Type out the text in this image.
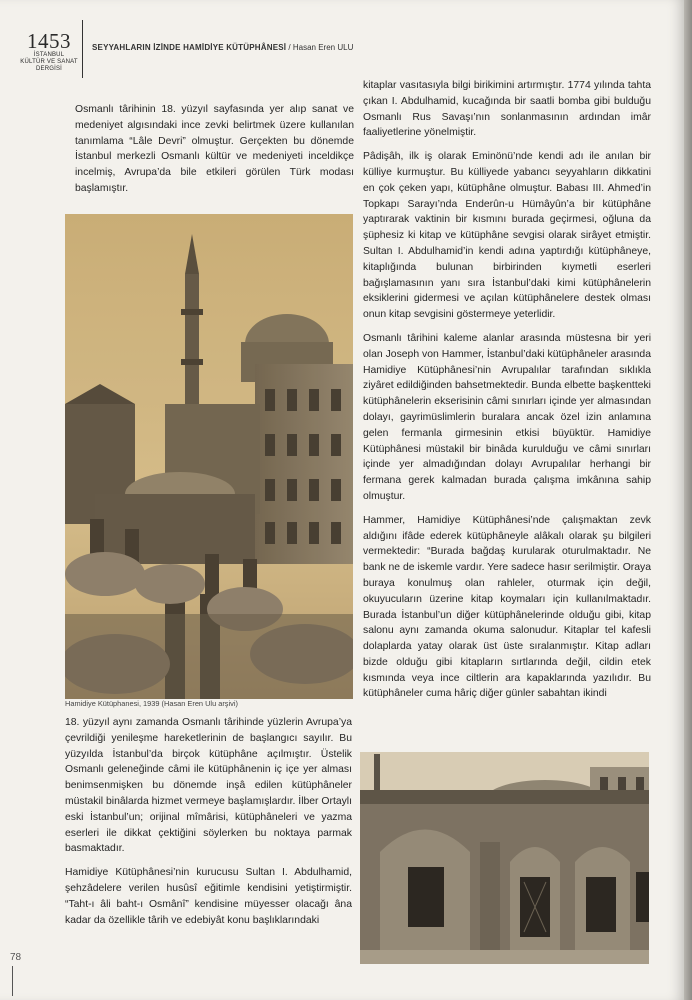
1453
İSTANBUL
KÜLTÜR VE SANAT
DERGİSİ
SEYYAHLARIN İZİNDE HAMİDİYE KÜTÜPHÂNESİ / Hasan Eren ULU

Osmanlı târihinin 18. yüzyıl sayfasında yer alıp sanat ve medeniyet algısındaki ince zevki belirtmek üzere kullanılan tanımlama “Lâle Devri” olmuştur. Gerçekten bu dönemde İstanbul merkezli Osmanlı kültür ve medeniyeti inceldikçe incelmiş, Avrupa’da bile etkileri görülen Türk modası başlamıştır.

Hamidiye Kütüphanesi, 1939 (Hasan Eren Ulu arşivi)

18. yüzyıl aynı zamanda Osmanlı târihinde yüzlerin Avrupa’ya çevrildiği yenileşme hareketlerinin de başlangıcı sayılır. Bu yüzyılda İstanbul’da birçok kütüphâne açılmıştır. Üstelik Osmanlı geleneğinde câmi ile kütüphânenin iç içe yer alması benimsenmişken bu dönemde inşâ edilen kütüphâneler müstakil binâlarda hizmet vermeye başlamışlardır. İlber Ortaylı eski İstanbul’un; orijinal mîmârisi, kütüphâneleri ve yazma eserleri ile dikkat çektiğini söylerken bu noktaya parmak basmaktadır.

Hamidiye Kütüphânesi’nin kurucusu Sultan I. Abdulhamid, şehzâdelere verilen husûsî eğitimle kendisini yetiştirmiştir. “Taht-ı âli baht-ı Osmânî” kendisine müyesser olacağı âna kadar da özellikle târih ve edebiyât konu başlıklarındaki

kitaplar vasıtasıyla bilgi birikimini artırmıştır. 1774 yılında tahta çıkan I. Abdulhamid, kucağında bir saatli bomba gibi bulduğu Osmanlı Rus Savaşı’nın sonlanmasının ardından imâr faaliyetlerine yönelmiştir.

Pâdişâh, ilk iş olarak Eminönü’nde kendi adı ile anılan bir külliye kurmuştur. Bu külliyede yabancı seyyahların dikkatini en çok çeken yapı, kütüphâne olmuştur. Babası III. Ahmed’in Topkapı Sarayı’nda Enderûn-u Hümâyûn’a bir kütüphâne yaptırarak vaktinin bir kısmını burada geçirmesi, oğluna da şüphesiz ki kitap ve kütüphâne sevgisi olarak sirâyet etmiştir. Sultan I. Abdulhamid’in kendi adına yaptırdığı kütüphâneye, kitaplığında bulunan birbirinden kıymetli eserleri bağışlamasının yanı sıra İstanbul’daki kimi kütüphânelerin eksiklerini gidermesi ve açılan kütüphânelere destek olması onun kitap sevgisini göstermeye yeterlidir.

Osmanlı târihini kaleme alanlar arasında müstesna bir yeri olan Joseph von Hammer, İstanbul’daki kütüphâneler arasında Hamidiye Kütüphânesi’nin Avrupalılar tarafından sıklıkla ziyâret edildiğinden bahsetmektedir. Bunda elbette başkentteki kütüphânelerin ekserisinin câmi sınırları içinde yer almasından dolayı, gayrimüslimlerin buralara ancak özel izin anlamına gelen fermanla girmesinin etkisi büyüktür. Hamidiye Kütüphânesi müstakil bir binâda kurulduğu ve câmi sınırları içinde yer almadığından dolayı Avrupalılar herhangi bir fermana gerek kalmadan burada çalışma imkânına sahip olmuştur.

Hammer, Hamidiye Kütüphânesi’nde çalışmaktan zevk aldığını ifâde ederek kütüphâneyle alâkalı olarak şu bilgileri vermektedir: “Burada bağdaş kurularak oturulmaktadır. Ne bank ne de iskemle vardır. Yere sadece hasır serilmiştir. Oraya buraya konulmuş olan rahleler, oturmak için değil, okuyucuların üzerine kitap koymaları için kullanılmaktadır. Burada İstanbul’un diğer kütüphânelerinde olduğu gibi, kitap salonu aynı zamanda okuma salonudur. Kitaplar tel kafesli dolaplarda yatay olarak üst üste sıralanmıştır. Kitap adları bizde olduğu gibi kitapların sırtlarında değil, cildin etek kısmında veya ince ciltlerin ara kapaklarında yazılıdır. Bu kütüphâneler cuma hâriç diğer günler sabahtan ikindi

78
